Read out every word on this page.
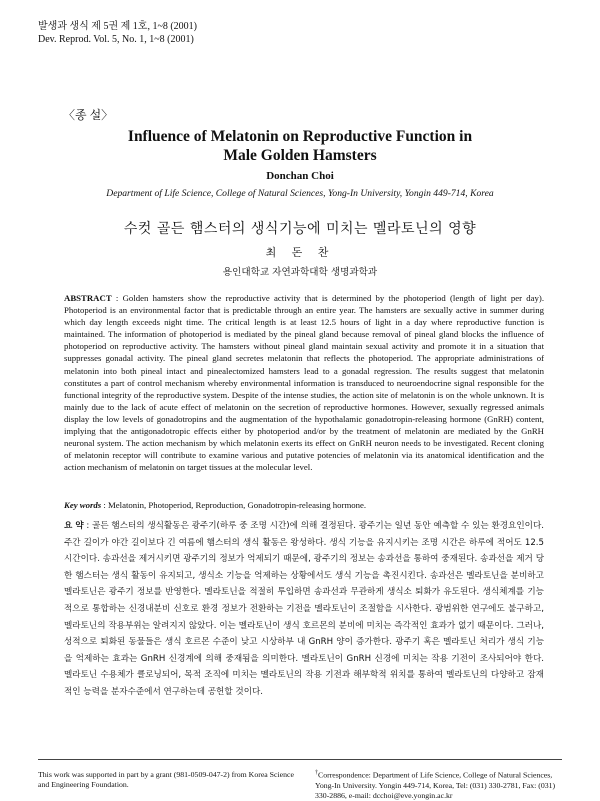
발생과 생식 제 5권 제 1호, 1~8 (2001)
Dev. Reprod. Vol. 5, No. 1, 1~8 (2001)
〈종 설〉
Influence of Melatonin on Reproductive Function in
Male Golden Hamsters
Donchan Choi
Department of Life Science, College of Natural Sciences, Yong-In University, Yongin 449-714, Korea
수컷 골든 햄스터의 생식기능에 미치는 멜라토닌의 영향
최 돈 찬
용인대학교 자연과학대학 생명과학과
ABSTRACT : Golden hamsters show the reproductive activity that is determined by the photoperiod (length of light per day). Photoperiod is an environmental factor that is predictable through an entire year. The hamsters are sexually active in summer during which day length exceeds night time. The critical length is at least 12.5 hours of light in a day where reproductive function is maintained. The information of photoperiod is mediated by the pineal gland because removal of pineal gland blocks the influence of photoperiod on reproductive activity. The hamsters without pineal gland maintain sexual activity and promote it in a situation that suppresses gonadal activity. The pineal gland secretes melatonin that reflects the photoperiod. The appropriate administrations of melatonin into both pineal intact and pinealectomized hamsters lead to a gonadal regression. The results suggest that melatonin constitutes a part of control mechanism whereby environmental information is transduced to neuroendocrine signal responsible for the functional integrity of the reproductive system. Despite of the intense studies, the action site of melatonin is on the whole unknown. It is mainly due to the lack of acute effect of melatonin on the secretion of reproductive hormones. However, sexually regressed animals display the low levels of gonadotropins and the augmentation of the hypothalamic gonadotropin-releasing hormone (GnRH) content, implying that the antigonadotropic effects either by photoperiod and/or by the treatment of melatonin are mediated by the GnRH neuronal system. The action mechanism by which melatonin exerts its effect on GnRH neuron needs to be investigated. Recent cloning of melatonin receptor will contribute to examine various and putative potencies of melatonin via its anatomical identification and the action mechanism of melatonin on target tissues at the molecular level.
Key words : Melatonin, Photoperiod, Reproduction, Gonadotropin-releasing hormone.
요 약 : 골든 햄스터의 생식활동은 광주기(하루 중 조명 시간)에 의해 결정된다. 광주기는 일년 동안 예측할 수 있는 환경요인이다. 주간 길이가 야간 길이보다 긴 여름에 햄스터의 생식 활동은 왕성하다. 생식 기능을 유지시키는 조명 시간은 하루에 적어도 12.5시간이다. 송과선을 제거시키면 광주기의 정보가 억제되기 때문에, 광주기의 정보는 송과선을 통하여 중재된다. 송과선을 제거 당한 햄스터는 생식 활동이 유지되고, 생식소 기능을 억제하는 상황에서도 생식 기능을 촉진시킨다. 송과선은 멜라토닌을 분비하고 멜라토닌은 광주기 정보를 반영한다. 멜라토닌을 적절히 투입하면 송과선과 무관하게 생식소 퇴화가 유도된다. 생식체계를 기능적으로 통합하는 신경내분비 신호로 환경 정보가 전환하는 기전을 멜라토닌이 조절함을 시사한다. 광범위한 연구에도 불구하고, 멜라토닌의 작용부위는 알려지지 않았다. 이는 멜라토닌이 생식 호르몬의 분비에 미치는 즉각적인 효과가 없기 때문이다. 그러나, 성적으로 퇴화된 동물들은 생식 호르몬 수준이 낮고 시상하부 내 GnRH 양이 증가한다. 광주기 혹은 멜라토닌 처리가 생식 기능을 억제하는 효과는 GnRH 신경계에 의해 중재됨을 의미한다. 멜라토닌이 GnRH 신경에 미치는 작용 기전이 조사되어야 한다. 멜라토닌 수용체가 클로닝되어, 목적 조직에 미치는 멜라토닌의 작용 기전과 해부학적 위치를 통하여 멜라토닌의 다양하고 잠재적인 능력을 분자수준에서 연구하는데 공헌할 것이다.
This work was supported in part by a grant (981-0509-047-2) from Korea Science and Engineering Foundation.
†Correspondence: Department of Life Science, College of Natural Sciences, Yong-In University. Yongin 449-714, Korea, Tel: (031) 330-2781, Fax: (031) 330-2886, e-mail: dcchoi@eve.yongin.ac.kr
